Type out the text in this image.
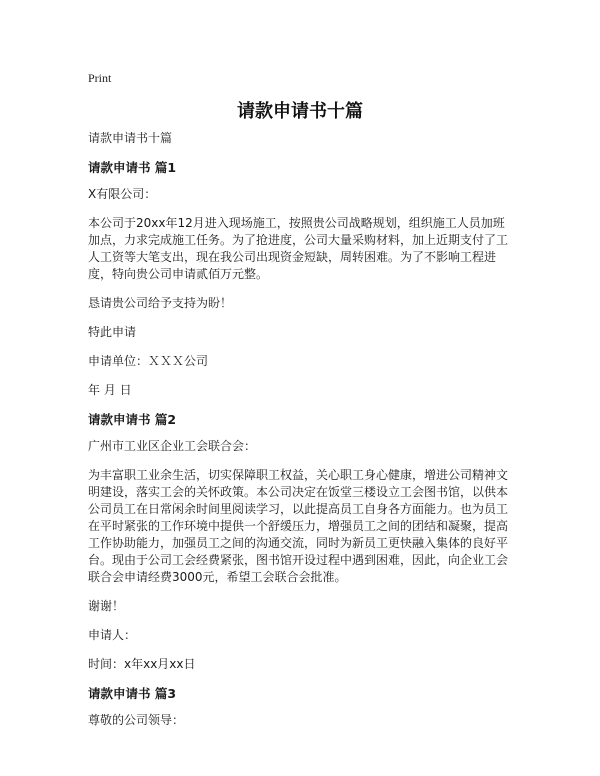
Print
请款申请书十篇

请款申请书十篇

请款申请书 篇1

X有限公司：

本公司于20xx年12月进入现场施工，按照贵公司战略规划，组织施工人员加班加点，力求完成施工任务。为了抢进度，公司大量采购材料，加上近期支付了工人工资等大笔支出，现在我公司出现资金短缺，周转困难。为了不影响工程进度，特向贵公司申请贰佰万元整。

恳请贵公司给予支持为盼！

特此申请

申请单位：ＸＸＸ公司

年 月 日

请款申请书 篇2

广州市工业区企业工会联合会：

为丰富职工业余生活，切实保障职工权益，关心职工身心健康，增进公司精神文明建设，落实工会的关怀政策。本公司决定在饭堂三楼设立工会图书馆，以供本公司员工在日常闲余时间里阅读学习，以此提高员工自身各方面能力。也为员工在平时紧张的工作环境中提供一个舒缓压力，增强员工之间的团结和凝聚，提高工作协助能力，加强员工之间的沟通交流，同时为新员工更快融入集体的良好平台。现由于公司工会经费紧张，图书馆开设过程中遇到困难，因此，向企业工会联合会申请经费3000元，希望工会联合会批准。

谢谢！

申请人：

时间：x年xx月xx日

请款申请书 篇3

尊敬的公司领导：
